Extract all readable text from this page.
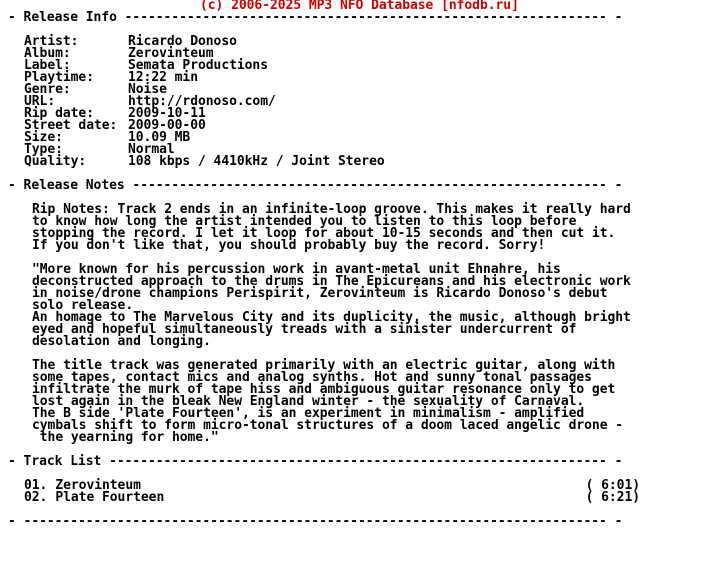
(c) 2006-2025 MP3 NFO Database [nfodb.ru]
- Release Info -------------------------------------------------------------- -
Artist:	Ricardo Donoso
Album:	Zerovinteum
Label:	Semata Productions
Playtime:	12:22 min
Genre:	Noise
URL:	http://rdonoso.com/
Rip date:	2009-10-11
Street date: 2009-00-00
Size:	10.09 MB
Type:	Normal
Quality:	108 kbps / 4410kHz / Joint Stereo
- Release Notes ------------------------------------------------------------- -
Rip Notes: Track 2 ends in an infinite-loop groove. This makes it really hard
to know how long the artist intended you to listen to this loop before
stopping the record. I let it loop for about 10-15 seconds and then cut it.
If you don't like that, you should probably buy the record. Sorry!
"More known for his percussion work in avant-metal unit Ehnahre, his
deconstructed approach to the drums in The Epicureans and his electronic work
in noise/drone champions Perispirit, Zerovinteum is Ricardo Donoso's debut
solo release.
An homage to The Marvelous City and its duplicity, the music, although bright
eyed and hopeful simultaneously treads with a sinister undercurrent of
desolation and longing.
The title track was generated primarily with an electric guitar, along with
some tapes, contact mics and analog synths. Hot and sunny tonal passages
infiltrate the murk of tape hiss and ambiguous guitar resonance only to get
lost again in the bleak New England winter - the sexuality of Carnaval.
The B side 'Plate Fourteen', is an experiment in minimalism - amplified
cymbals shift to form micro-tonal structures of a doom laced angelic drone -
the yearning for home."
- Track List ---------------------------------------------------------------- -
01. Zerovinteum	( 6:01)
02. Plate Fourteen	( 6:21)
- --------------------------------------------------------------------------- -
